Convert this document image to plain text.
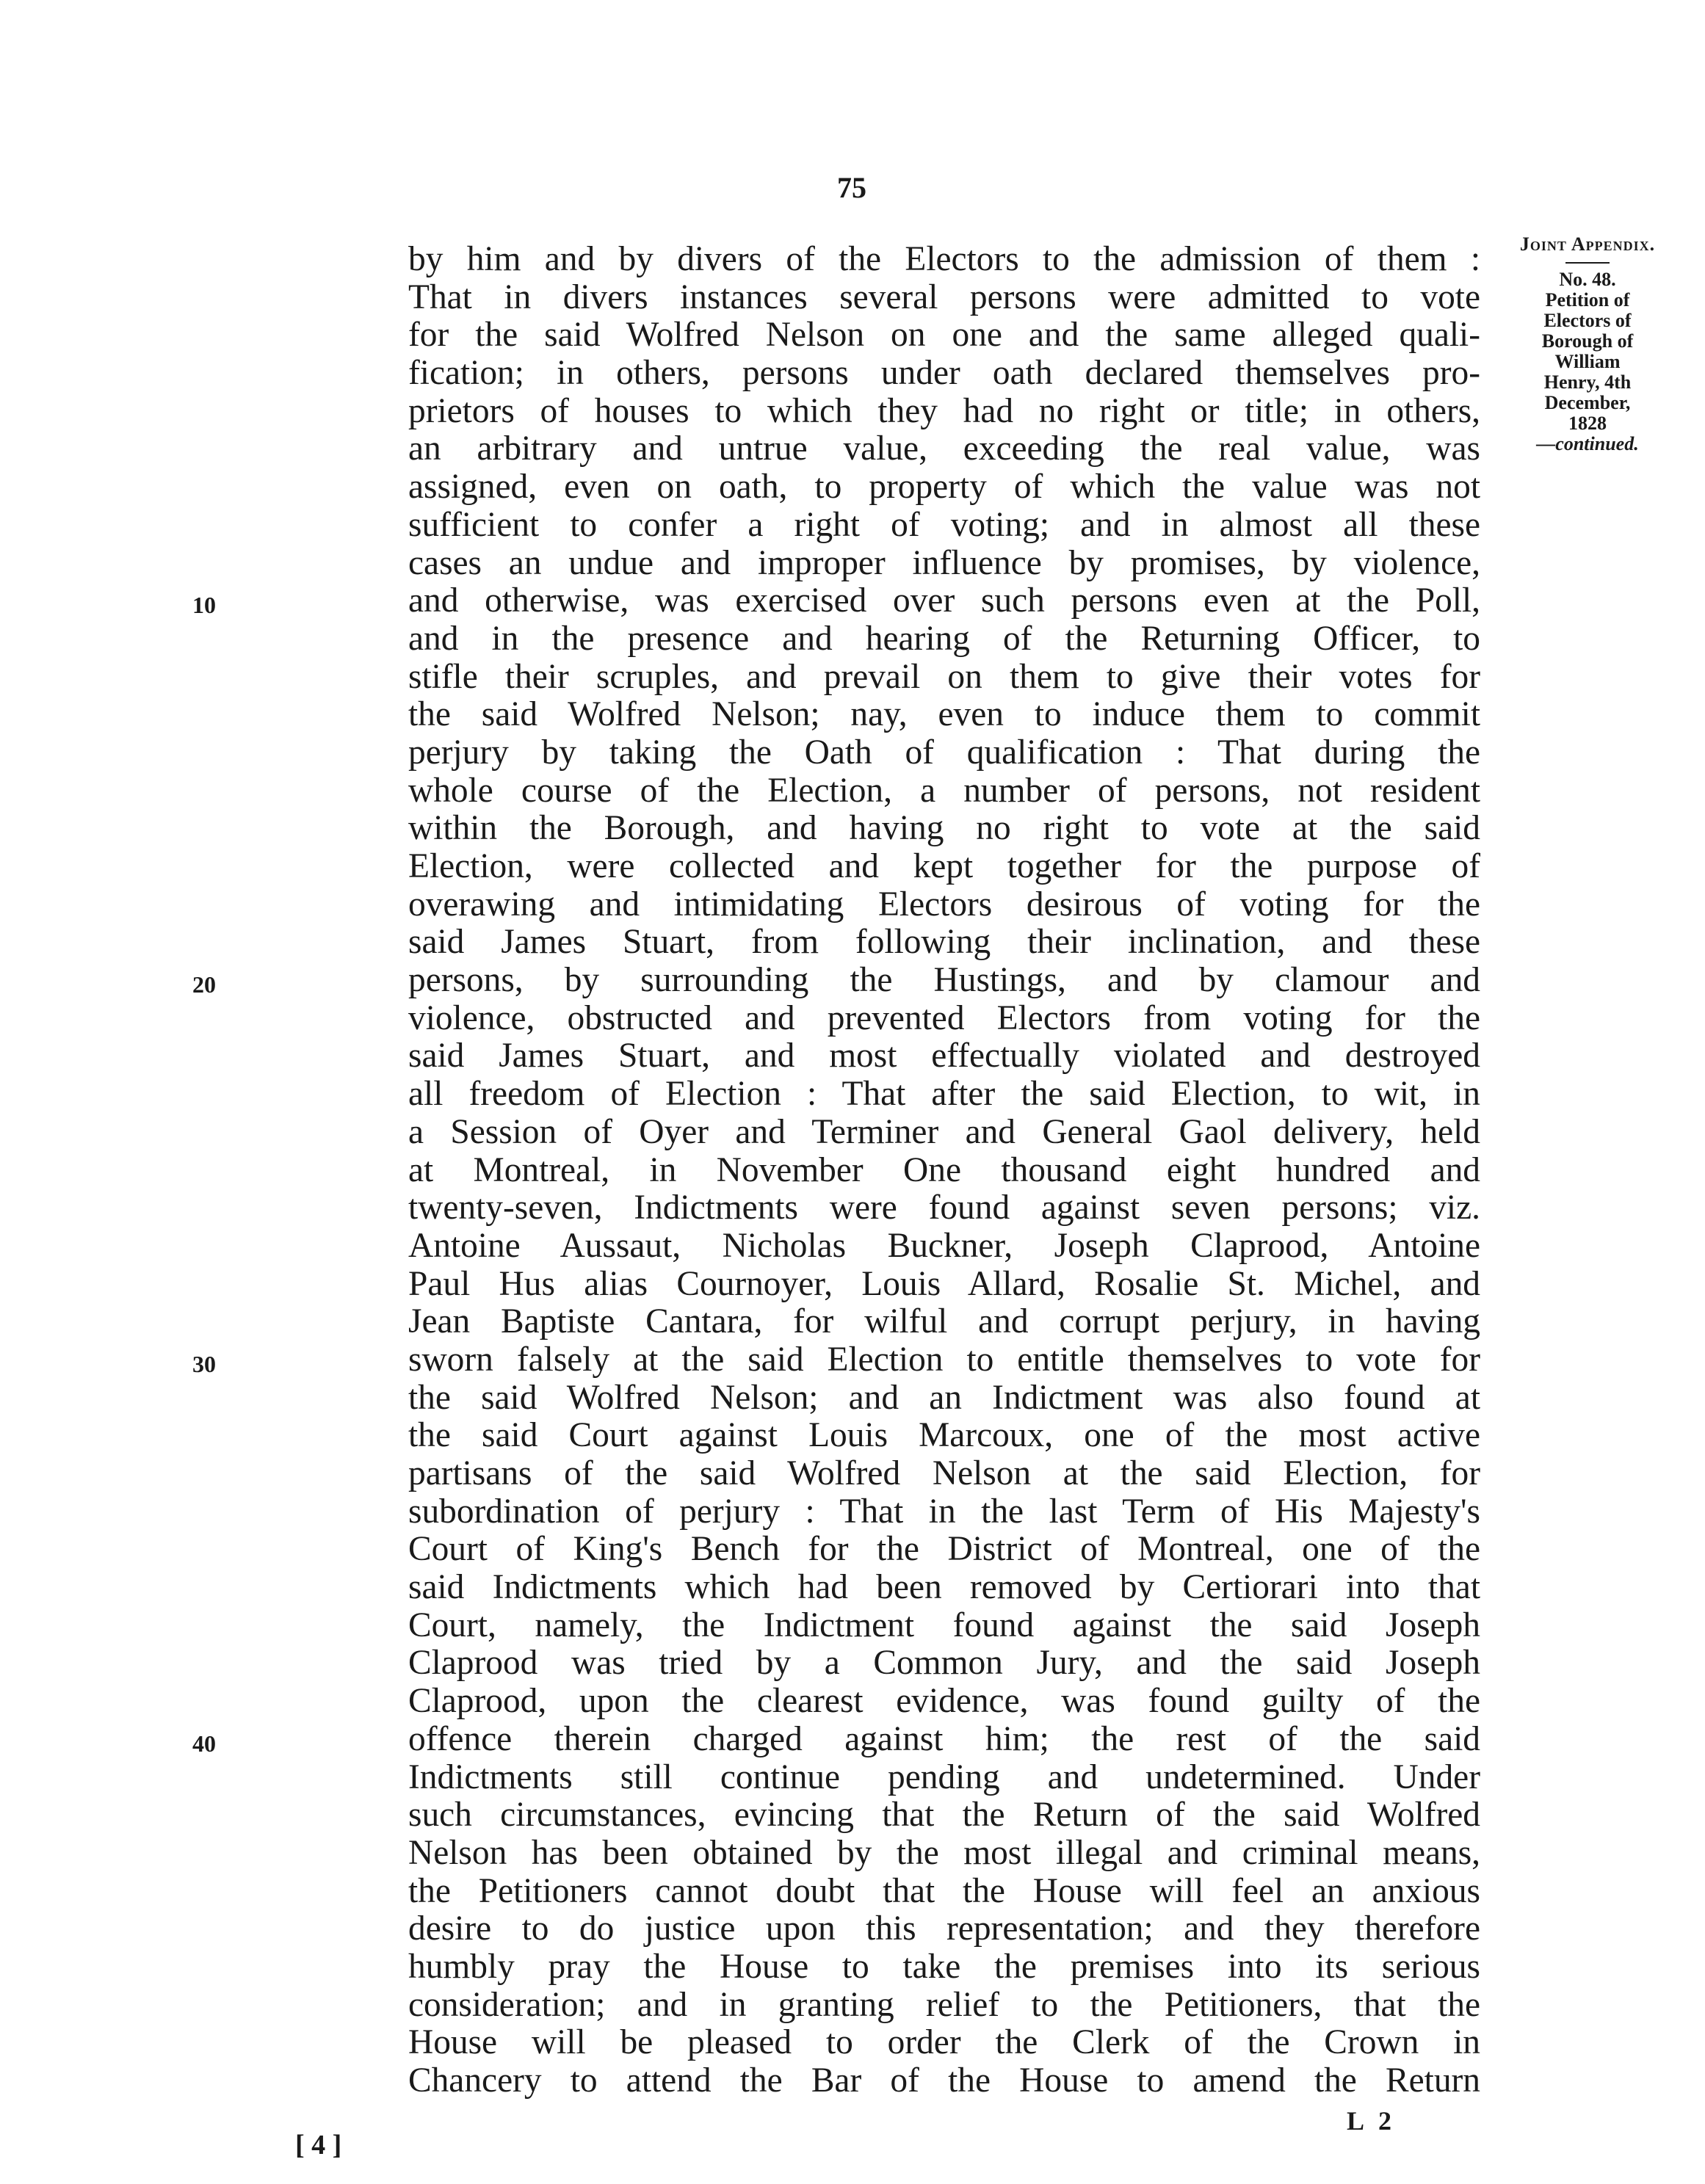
75
by him and by divers of the Electors to the admission of them :
That in divers instances several persons were admitted to vote
for the said Wolfred Nelson on one and the same alleged quali-
fication; in others, persons under oath declared themselves pro-
prietors of houses to which they had no right or title; in others,
an arbitrary and untrue value, exceeding the real value, was
assigned, even on oath, to property of which the value was not
sufficient to confer a right of voting; and in almost all these
cases an undue and improper influence by promises, by violence,
and otherwise, was exercised over such persons even at the Poll,
and in the presence and hearing of the Returning Officer, to
stifle their scruples, and prevail on them to give their votes for
the said Wolfred Nelson; nay, even to induce them to commit
perjury by taking the Oath of qualification : That during the
whole course of the Election, a number of persons, not resident
within the Borough, and having no right to vote at the said
Election, were collected and kept together for the purpose of
overawing and intimidating Electors desirous of voting for the
said James Stuart, from following their inclination, and these
persons, by surrounding the Hustings, and by clamour and
violence, obstructed and prevented Electors from voting for the
said James Stuart, and most effectually violated and destroyed
all freedom of Election : That after the said Election, to wit, in
a Session of Oyer and Terminer and General Gaol delivery, held
at Montreal, in November One thousand eight hundred and
twenty-seven, Indictments were found against seven persons; viz.
Antoine Aussaut, Nicholas Buckner, Joseph Claprood, Antoine
Paul Hus alias Cournoyer, Louis Allard, Rosalie St. Michel, and
Jean Baptiste Cantara, for wilful and corrupt perjury, in having
sworn falsely at the said Election to entitle themselves to vote for
the said Wolfred Nelson; and an Indictment was also found at
the said Court against Louis Marcoux, one of the most active
partisans of the said Wolfred Nelson at the said Election, for
subordination of perjury : That in the last Term of His Majesty's
Court of King's Bench for the District of Montreal, one of the
said Indictments which had been removed by Certiorari into that
Court, namely, the Indictment found against the said Joseph
Claprood was tried by a Common Jury, and the said Joseph
Claprood, upon the clearest evidence, was found guilty of the
offence therein charged against him; the rest of the said
Indictments still continue pending and undetermined. Under
such circumstances, evincing that the Return of the said Wolfred
Nelson has been obtained by the most illegal and criminal means,
the Petitioners cannot doubt that the House will feel an anxious
desire to do justice upon this representation; and they therefore
humbly pray the House to take the premises into its serious
consideration; and in granting relief to the Petitioners, that the
House will be pleased to order the Clerk of the Crown in
Chancery to attend the Bar of the House to amend the Return
10
20
30
40
Joint Appendix.
No. 48.
Petition of
Electors of
Borough of
William
Henry, 4th
December,
1828
—continued.
L 2
[ 4 ]
